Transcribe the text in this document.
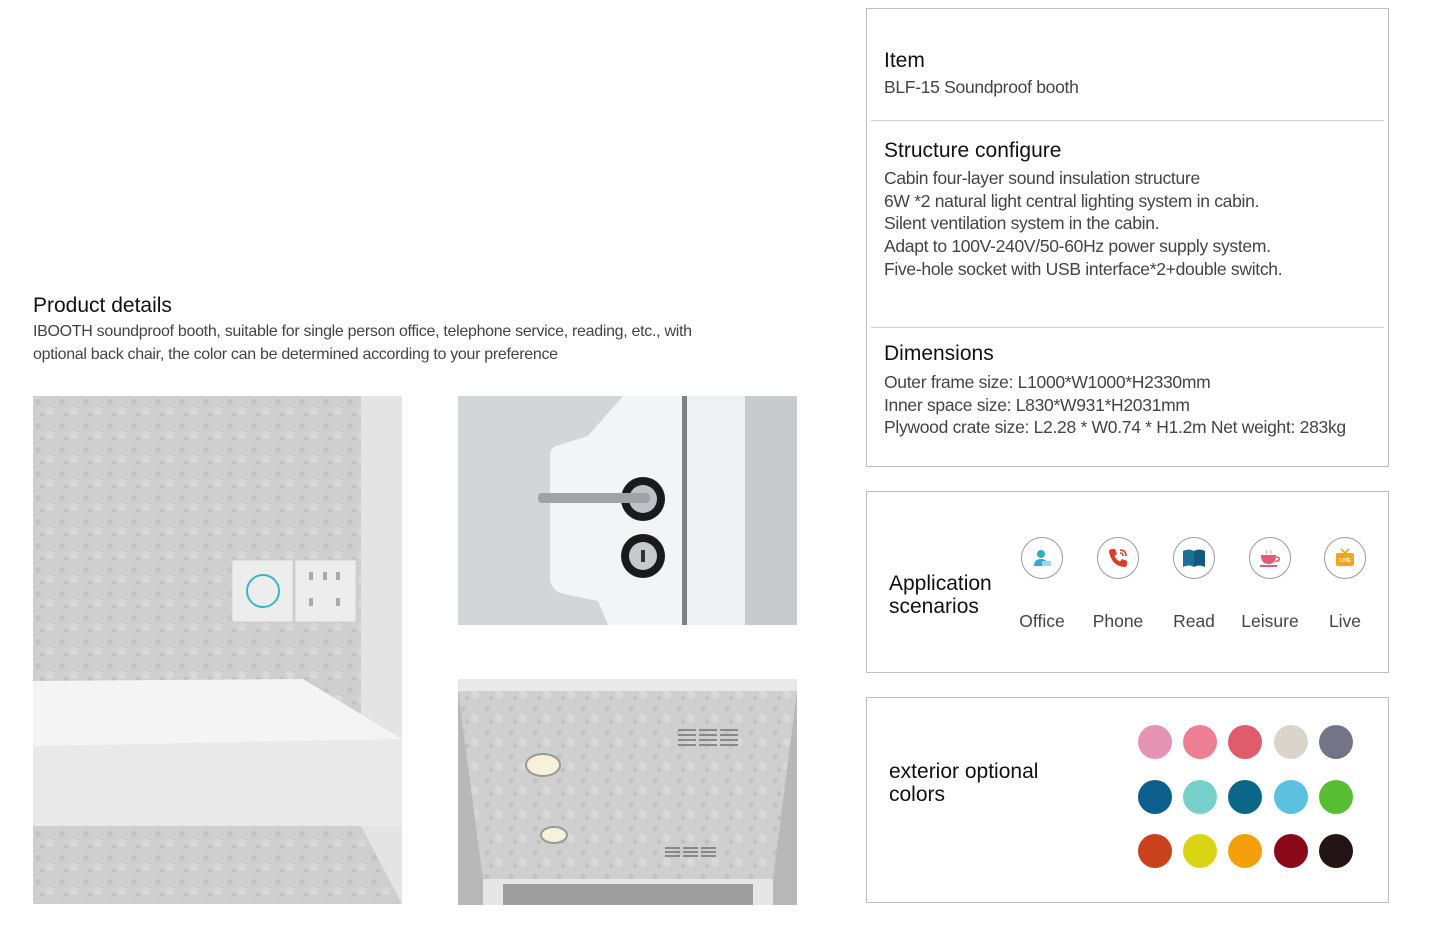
Product details
IBOOTH soundproof booth, suitable for single person office, telephone service, reading, etc., with
optional back chair, the color can be determined according to your preference
Item
BLF-15 Soundproof booth
Structure configure
Cabin four-layer sound insulation structure
6W *2 natural light central lighting system in cabin.
Silent ventilation system in the cabin.
Adapt to 100V-240V/50-60Hz power supply system.
Five-hole socket with USB interface*2+double switch.
Dimensions
Outer frame size: L1000*W1000*H2330mm
Inner space size: L830*W931*H2031mm
Plywood crate size: L2.28 * W0.74 * H1.2m Net weight: 283kg
Application
scenarios
Office	Phone	Read	Leisure
LIVE
Live
exterior optional
colors
